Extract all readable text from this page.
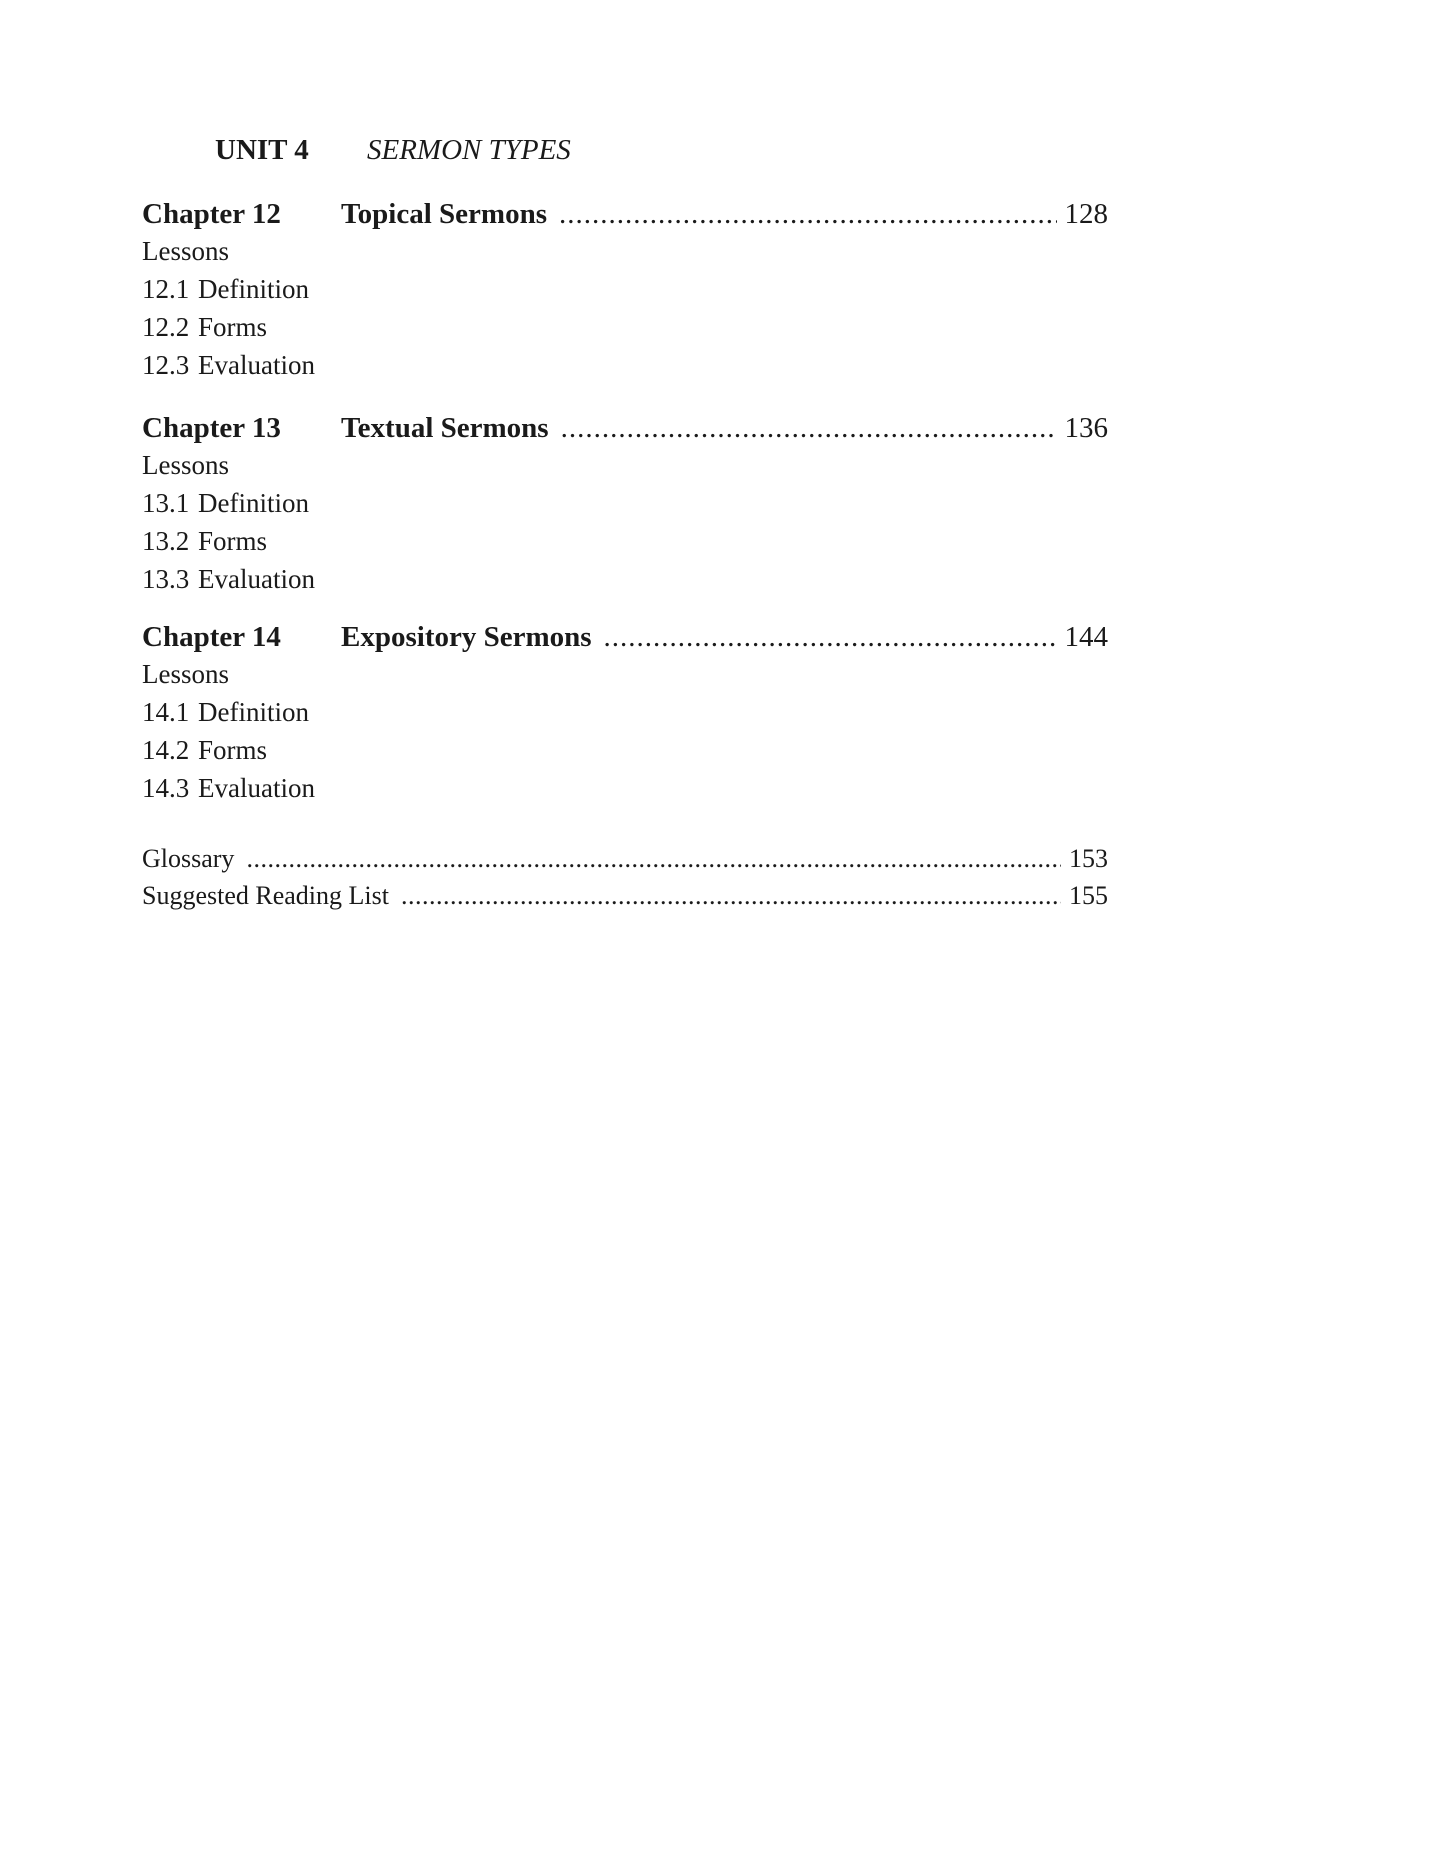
UNIT 4 SERMON TYPES
Chapter 12	Topical Sermons .....	128
Lessons
12.1 Definition
12.2 Forms
12.3 Evaluation
Chapter 13	Textual Sermons .....	136
Lessons
13.1 Definition
13.2 Forms
13.3 Evaluation
Chapter 14	Expository Sermons .....	144
Lessons
14.1 Definition
14.2 Forms
14.3 Evaluation
Glossary .....	153
Suggested Reading List .....	155
